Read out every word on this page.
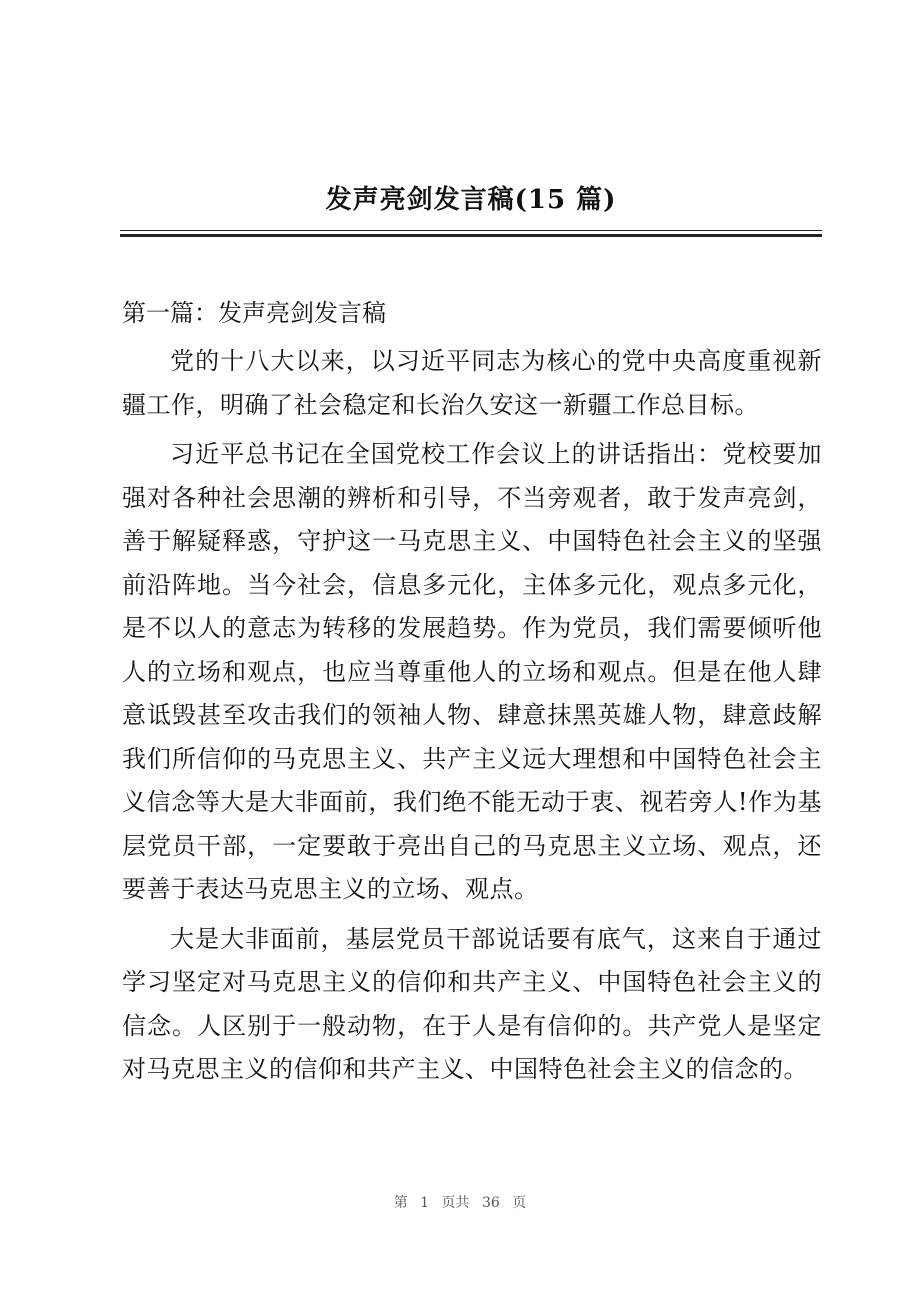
发声亮剑发言稿(15 篇)

第一篇：发声亮剑发言稿

党的十八大以来，以习近平同志为核心的党中央高度重视新疆工作，明确了社会稳定和长治久安这一新疆工作总目标。

习近平总书记在全国党校工作会议上的讲话指出：党校要加强对各种社会思潮的辨析和引导，不当旁观者，敢于发声亮剑，善于解疑释惑，守护这一马克思主义、中国特色社会主义的坚强前沿阵地。当今社会，信息多元化，主体多元化，观点多元化，是不以人的意志为转移的发展趋势。作为党员，我们需要倾听他人的立场和观点，也应当尊重他人的立场和观点。但是在他人肆意诋毁甚至攻击我们的领袖人物、肆意抹黑英雄人物，肆意歧解我们所信仰的马克思主义、共产主义远大理想和中国特色社会主义信念等大是大非面前，我们绝不能无动于衷、视若旁人!作为基层党员干部，一定要敢于亮出自己的马克思主义立场、观点，还要善于表达马克思主义的立场、观点。

大是大非面前，基层党员干部说话要有底气，这来自于通过学习坚定对马克思主义的信仰和共产主义、中国特色社会主义的信念。人区别于一般动物，在于人是有信仰的。共产党人是坚定对马克思主义的信仰和共产主义、中国特色社会主义的信念的。

第 1 页共 36 页
